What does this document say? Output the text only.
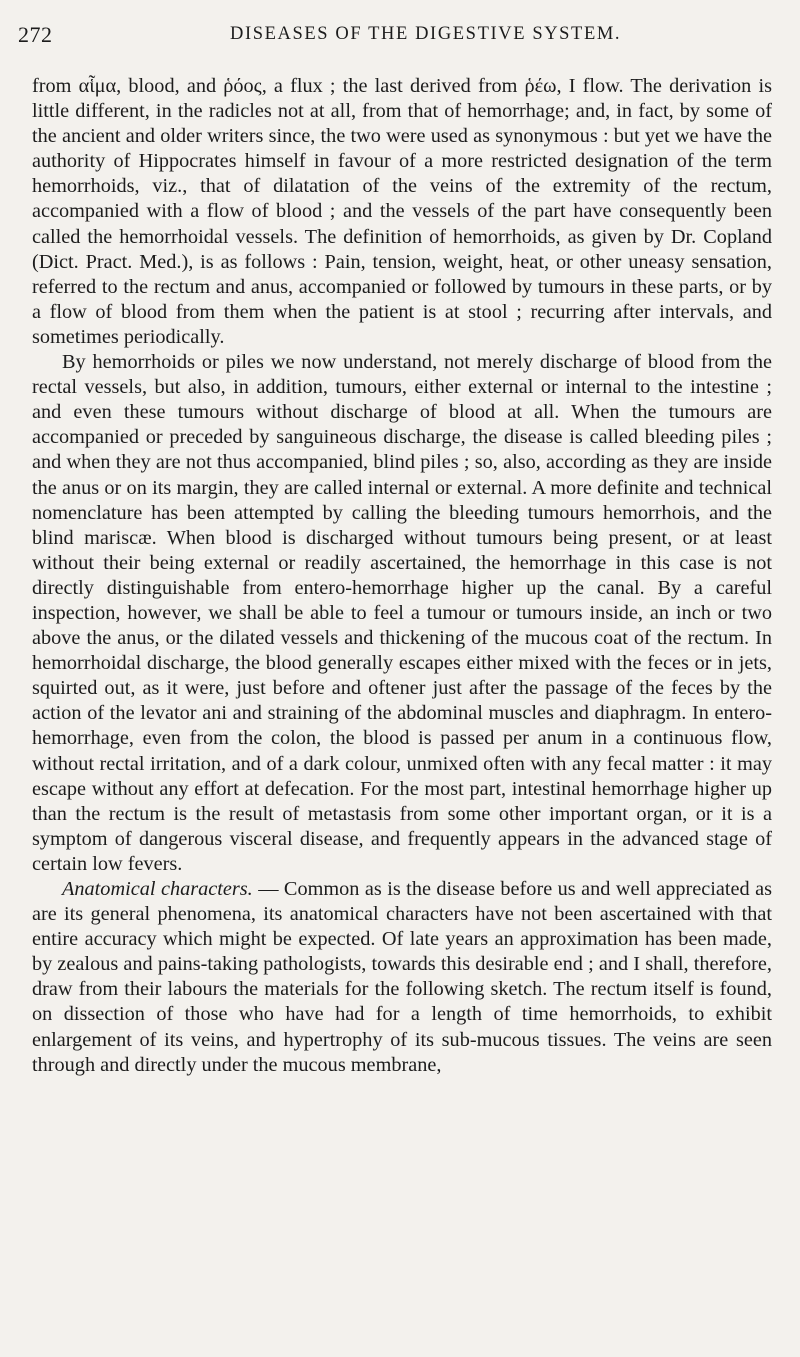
272	DISEASES OF THE DIGESTIVE SYSTEM.

from αἷμα, blood, and ῥόος, a flux ; the last derived from ῥέω, I flow. The derivation is little different, in the radicles not at all, from that of hemorrhage; and, in fact, by some of the ancient and older writers since, the two were used as synonymous : but yet we have the authority of Hippocrates himself in favour of a more restricted designation of the term hemorrhoids, viz., that of dilatation of the veins of the extremity of the rectum, accompanied with a flow of blood ; and the vessels of the part have consequently been called the hemorrhoidal vessels. The definition of hemorrhoids, as given by Dr. Copland (Dict. Pract. Med.), is as follows : Pain, tension, weight, heat, or other uneasy sensation, referred to the rectum and anus, accompanied or followed by tumours in these parts, or by a flow of blood from them when the patient is at stool ; recurring after intervals, and sometimes periodically.

By hemorrhoids or piles we now understand, not merely discharge of blood from the rectal vessels, but also, in addition, tumours, either external or internal to the intestine ; and even these tumours without discharge of blood at all. When the tumours are accompanied or preceded by sanguineous discharge, the disease is called bleeding piles ; and when they are not thus accompanied, blind piles ; so, also, according as they are inside the anus or on its margin, they are called internal or external. A more definite and technical nomenclature has been attempted by calling the bleeding tumours hemorrhois, and the blind mariscæ. When blood is discharged without tumours being present, or at least without their being external or readily ascertained, the hemorrhage in this case is not directly distinguishable from entero-hemorrhage higher up the canal. By a careful inspection, however, we shall be able to feel a tumour or tumours inside, an inch or two above the anus, or the dilated vessels and thickening of the mucous coat of the rectum. In hemorrhoidal discharge, the blood generally escapes either mixed with the feces or in jets, squirted out, as it were, just before and oftener just after the passage of the feces by the action of the levator ani and straining of the abdominal muscles and diaphragm. In entero-hemorrhage, even from the colon, the blood is passed per anum in a continuous flow, without rectal irritation, and of a dark colour, unmixed often with any fecal matter : it may escape without any effort at defecation. For the most part, intestinal hemorrhage higher up than the rectum is the result of metastasis from some other important organ, or it is a symptom of dangerous visceral disease, and frequently appears in the advanced stage of certain low fevers.

Anatomical characters. — Common as is the disease before us and well appreciated as are its general phenomena, its anatomical characters have not been ascertained with that entire accuracy which might be expected. Of late years an approximation has been made, by zealous and pains-taking pathologists, towards this desirable end ; and I shall, therefore, draw from their labours the materials for the following sketch. The rectum itself is found, on dissection of those who have had for a length of time hemorrhoids, to exhibit enlargement of its veins, and hypertrophy of its sub-mucous tissues. The veins are seen through and directly under the mucous membrane,
